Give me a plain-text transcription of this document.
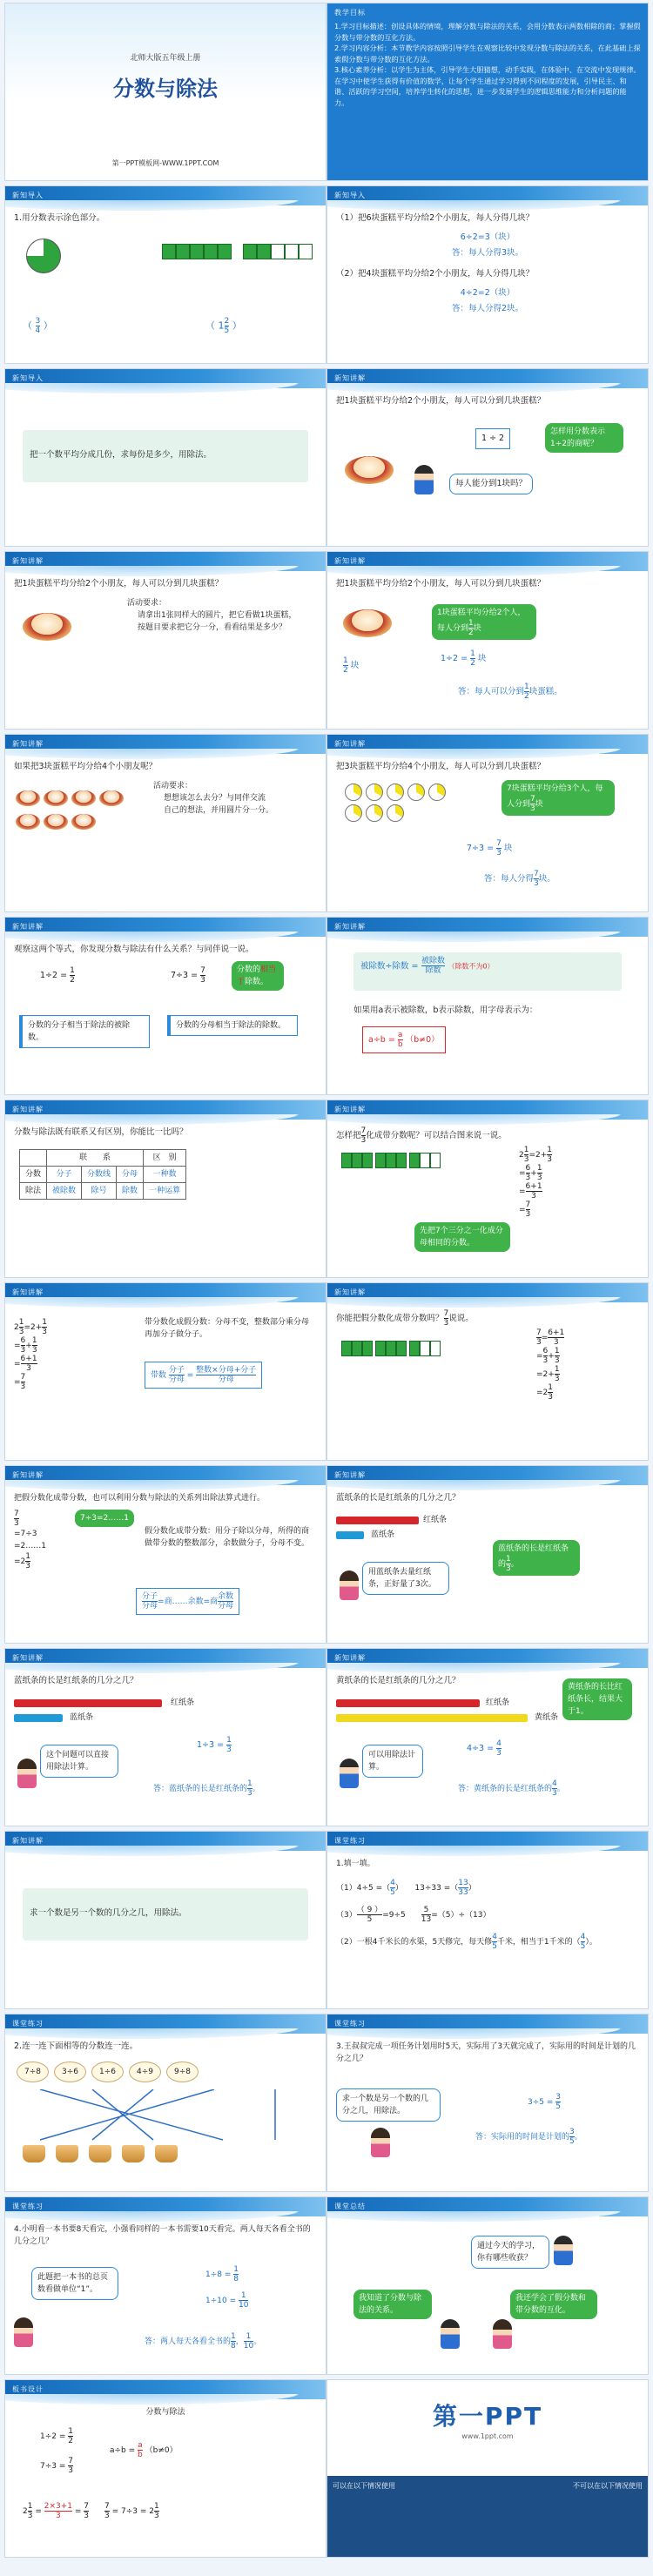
北师大版五年级上册
分数与除法
第一PPT模板网-WWW.1PPT.COM
教学目标
1.学习目标描述：创设具体的情境，理解分数与除法的关系，会用分数表示两数相除的商；掌握假分数与带分数的互化方法。
2.学习内容分析：本节教学内容按照引导学生在观察比较中发现分数与除法的关系，在此基础上探索假分数与带分数的互化方法。
3.核心素养分析：以学生为主体，引导学生大胆猜想，动手实践，在体验中、在交流中发现规律。在学习中使学生获得有价值的数学，让每个学生通过学习得到不同程度的发展，引导民主、和谐、活跃的学习空间，培养学生转化的思想，进一步发展学生的逻辑思维能力和分析问题的能力。
新知导入
1.用分数表示涂色部分。

（ $\frac{3}{4}$ ）	（ $1 \frac{2}{5}$ ）
新知导入
（1）把6块蛋糕平均分给2个小朋友，每人分得几块？
6÷2=3（块）
答：每人分得3块。
（2）把4块蛋糕平均分给2个小朋友，每人分得几块？
4÷2=2（块）
答：每人分得2块。
新知导入
把一个数平均分成几份，求每份是多少，用除法。
新知讲解
把1块蛋糕平均分给2个小朋友，每人可以分到几块蛋糕？
1 ÷ 2
怎样用分数表示1÷2的商呢？
每人能分到1块吗？
新知讲解
把1块蛋糕平均分给2个小朋友，每人可以分到几块蛋糕？
活动要求：
请拿出1张同样大的圆片，把它看做1块蛋糕，按题目要求把它分一分，看看结果是多少？
新知讲解
把1块蛋糕平均分给2个小朋友，每人可以分到几块蛋糕？
1块蛋糕平均分给2个人，每人分到 $\frac{1}{2}$ 块
$\frac{1}{2}$ 块
$1\div 2 = \frac{1}{2}$ 块
答：每人可以分到 $\frac{1}{2}$ 块蛋糕。
新知讲解
如果把3块蛋糕平均分给4个小朋友呢？
活动要求：
想想该怎么去分？与同伴交流
自己的想法，并用圆片分一分。
新知讲解
把3块蛋糕平均分给4个小朋友，每人可以分到几块蛋糕？
7块蛋糕平均分给3个人，每人分到 $\frac{7}{3}$ 块
$7\div 3 = \frac{7}{3}$ 块
答：每人分得 $\frac{7}{3}$ 块。
新知讲解
观察这两个等式，你发现分数与除法有什么关系？与同伴说一说。
$1\div 2 = \frac{1}{2}$	$7\div 3 = \frac{7}{3}$	分数的相当于除数。
分数的分子相当于除法的被除数。
分数的分母相当于除法的除数。
新知讲解
被除数÷除数 = $\frac{\text{被除数}}{\text{除数}}$ （除数不为0）
如果用a表示被除数，b表示除数，用字母表示为：
$a\div b = \frac{a}{b} (b\ne 0)$
新知讲解
分数与除法既有联系又有区别，你能比一比吗？
	联　　系			区　别
分数	分子	分数线	分母	一种数
除法	被除数	除号	除数	一种运算
新知讲解
怎样把 $\frac{7}{3}$ 化成带分数呢？可以结合图来说一说。

$2 \frac{1}{3} =2+ \frac{1}{3}$

= $\frac{6}{3} + \frac{1}{3}$

= $\frac{6+1}{3}$

= $\frac{7}{3}$
先把7个三分之一化成分母相同的分数。
新知讲解
$2 \frac{1}{3} =2+ \frac{1}{3}$

= $\frac{6}{3} + \frac{1}{3}$

= $\frac{6+1}{3}$

= $\frac{7}{3}$
带分数化成假分数：分母不变，整数部分乘分母再加分子做分子。
带数 $\frac{\text{分子}}{\text{分母}} = \frac{\text{整数×分母+分子}}{\text{分母}}$
新知讲解
你能把假分数化成带分数吗？ $\frac{7}{3}$ 说说。

$\frac{7}{3} = \frac{6+1}{3}$

= $\frac{6}{3} + \frac{1}{3}$

$=2+ \frac{1}{3}$

$=2 \frac{1}{3}$
新知讲解
把假分数化成带分数，也可以利用分数与除法的关系列出除法算式进行。
7÷3=2……1
$\frac{7}{3}$

=7÷3
=2……1
$=2 \frac{1}{3}$
假分数化成带分数：用分子除以分母，所得的商做带分数的整数部分，余数做分子，分母不变。
$\frac{\text{分子}}{\text{分母}}$ =商……余数=商 $\frac{\text{余数}}{\text{分母}}$
新知讲解
蓝纸条的长是红纸条的几分之几？
红纸条
蓝纸条
用蓝纸条去量红纸条，正好量了3次。
蓝纸条的长是红纸条的 $\frac{1}{3}$ 。
新知讲解
蓝纸条的长是红纸条的几分之几？
红纸条
蓝纸条
这个问题可以直接用除法计算。
$1\div 3 = \frac{1}{3}$
答：蓝纸条的长是红纸条的 $\frac{1}{3}$ 。
新知讲解
黄纸条的长是红纸条的几分之几？
红纸条
黄纸条
黄纸条的长比红纸条长，结果大于1。
可以用除法计算。
$4\div 3 = \frac{4}{3}$
答：黄纸条的长是红纸条的 $\frac{4}{3}$ 。
新知讲解
求一个数是另一个数的几分之几，用除法。
课堂练习
1.填一填。
（1）4÷5 =（ $\frac{4}{5}$ ）　　 13÷33 =（ $\frac{13}{33}$ ）
$(3) \frac{( 9 )}{5} =9\div 5$　　 $\frac{5}{13} =(5)\div(13)$
（2）一根4千米长的水渠，5天修完，每天修 $\frac{4}{5}$ 千米，相当于1千米的（ $\frac{4}{5}$ ）。
课堂练习
2.连一连下面相等的分数连一连。
7÷8	3÷6	1÷6	4÷9	9÷8
课堂练习
3.王叔叔完成一项任务计划用时5天，实际用了3天就完成了，实际用的时间是计划的几分之几？
求一个数是另一个数的几分之几，用除法。
$3\div 5 = \frac{3}{5}$
答：实际用的时间是计划的 $\frac{3}{5}$ 。
课堂练习
4.小明看一本书要8天看完，小强看同样的一本书需要10天看完。两人每天各看全书的几分之几？
此题把一本书的总页数看做单位“1”。
$1\div 8 = \frac{1}{8}$
$1\div 10 = \frac{1}{10}$
答：两人每天各看全书的 $\frac{1}{8}$ ， $\frac{1}{10}$ 。
课堂总结
通过今天的学习，你有哪些收获？
我知道了分数与除法的关系。
我还学会了假分数和带分数的互化。
板书设计
分数与除法
$1\div 2 = \frac{1}{2}$
$7\div 3 = \frac{7}{3}$
$a\div b = \frac{a}{b} (b\ne 0)$
$2 \frac{1}{3} = \frac{2\times 3+1}{3} = \frac{7}{3}$
　　 $\frac{7}{3} = 7\div 3 = 2 \frac{1}{3}$
第一PPT
www.1ppt.com
可以在以下情况使用	不可以在以下情况使用
